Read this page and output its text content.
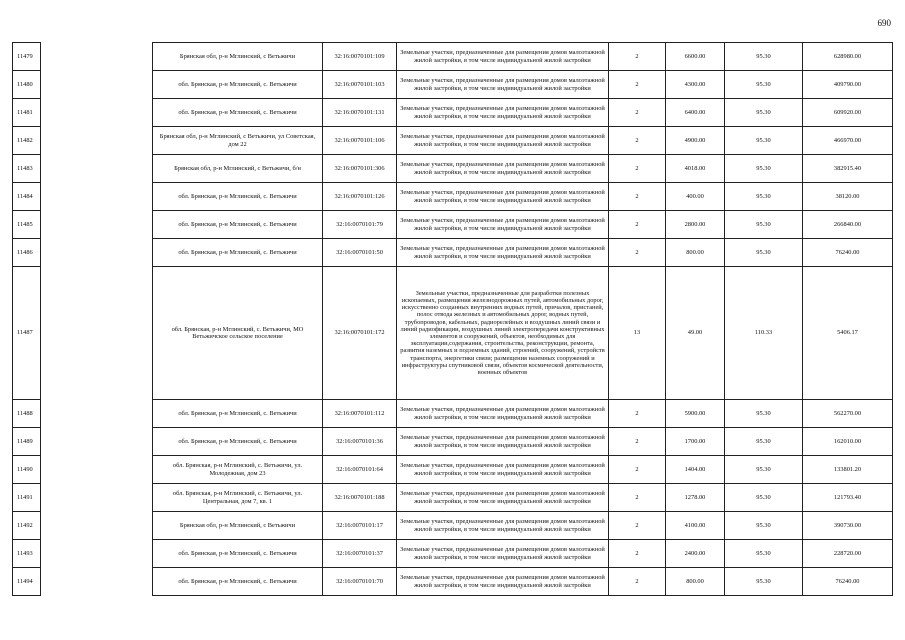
690
11479		Брянская обл, р-н Мглинский, с Ветьжичи	32:16:0070101:109	Земельные участки, предназначенные для размещения домов малоэтажной жилой застройки, в том числе индивидуальной жилой застройки	2	6600.00	95.30	628980.00
11480		обл. Брянская, р-н Мглинский, с. Ветьжичи	32:16:0070101:103	Земельные участки, предназначенные для размещения домов малоэтажной жилой застройки, в том числе индивидуальной жилой застройки	2	4300.00	95.30	409790.00
11481		обл. Брянская, р-н Мглинский, с. Ветьжичи	32:16:0070101:131	Земельные участки, предназначенные для размещения домов малоэтажной жилой застройки, в том числе индивидуальной жилой застройки	2	6400.00	95.30	609920.00
11482		Брянская обл, р-н Мглинский, с Ветьжичи, ул Советская, дом 22	32:16:0070101:106	Земельные участки, предназначенные для размещения домов малоэтажной жилой застройки, в том числе индивидуальной жилой застройки	2	4900.00	95.30	466970.00
11483		Брянская обл, р-н Мглинский, с Ветьжичи, б/н	32:16:0070101:306	Земельные участки, предназначенные для размещения домов малоэтажной жилой застройки, в том числе индивидуальной жилой застройки	2	4018.00	95.30	382915.40
11484		обл. Брянская, р-н Мглинский, с. Ветьжичи	32:16:0070101:126	Земельные участки, предназначенные для размещения домов малоэтажной жилой застройки, в том числе индивидуальной жилой застройки	2	400.00	95.30	38120.00
11485		обл. Брянская, р-н Мглинский, с. Ветьжичи	32:16:0070101:79	Земельные участки, предназначенные для размещения домов малоэтажной жилой застройки, в том числе индивидуальной жилой застройки	2	2800.00	95.30	266840.00
11486		обл. Брянская, р-н Мглинский, с. Ветьжичи	32:16:0070101:50	Земельные участки, предназначенные для размещения домов малоэтажной жилой застройки, в том числе индивидуальной жилой застройки	2	800.00	95.30	76240.00
11487		обл. Брянская, р-н Мглинский, с. Ветьжичи, МО Ветьжичское сельское поселение	32:16:0070101:172	Земельные участки, предназначенные для разработки полезных ископаемых, размещения железнодорожных путей, автомобильных дорог, искусственно созданных внутренних водных путей, причалов, пристаней, полос отвода железных и автомобильных дорог, водных путей, трубопроводов, кабельных, радиорелейных и воздушных линий связи и линий радиофикации, воздушных линий электропередачи конструктивных элементов и сооружений, объектов, необходимых для эксплуатации,содержания, строительства, реконструкции, ремонта, развития наземных и подземных зданий, строений, сооружений, устройств транспорта, энергетики связи; размещения наземных сооружений и инфраструктуры спутниковой связи, объектов космической деятельности, военных объектов	13	49.00	110.33	5406.17
11488		обл. Брянская, р-н Мглинский, с. Ветьжичи	32:16:0070101:112	Земельные участки, предназначенные для размещения домов малоэтажной жилой застройки, в том числе индивидуальной жилой застройки	2	5900.00	95.30	562270.00
11489		обл. Брянская, р-н Мглинский, с. Ветьжичи	32:16:0070101:36	Земельные участки, предназначенные для размещения домов малоэтажной жилой застройки, в том числе индивидуальной жилой застройки	2	1700.00	95.30	162010.00
11490		обл. Брянская, р-н Мглинский, с. Ветьжичи, ул. Молодежная, дом 23	32:16:0070101:64	Земельные участки, предназначенные для размещения домов малоэтажной жилой застройки, в том числе индивидуальной жилой застройки	2	1404.00	95.30	133801.20
11491		обл. Брянская, р-н Мглинский, с. Ветьжичи, ул. Центральная, дом 7, кв. 1	32:16:0070101:188	Земельные участки, предназначенные для размещения домов малоэтажной жилой застройки, в том числе индивидуальной жилой застройки	2	1278.00	95.30	121793.40
11492		Брянская обл, р-н Мглинский, с Ветьжичи	32:16:0070101:17	Земельные участки, предназначенные для размещения домов малоэтажной жилой застройки, в том числе индивидуальной жилой застройки	2	4100.00	95.30	390730.00
11493		обл. Брянская, р-н Мглинский, с. Ветьжичи	32:16:0070101:37	Земельные участки, предназначенные для размещения домов малоэтажной жилой застройки, в том числе индивидуальной жилой застройки	2	2400.00	95.30	228720.00
11494		обл. Брянская, р-н Мглинский, с. Ветьжичи	32:16:0070101:70	Земельные участки, предназначенные для размещения домов малоэтажной жилой застройки, в том числе индивидуальной жилой застройки	2	800.00	95.30	76240.00
